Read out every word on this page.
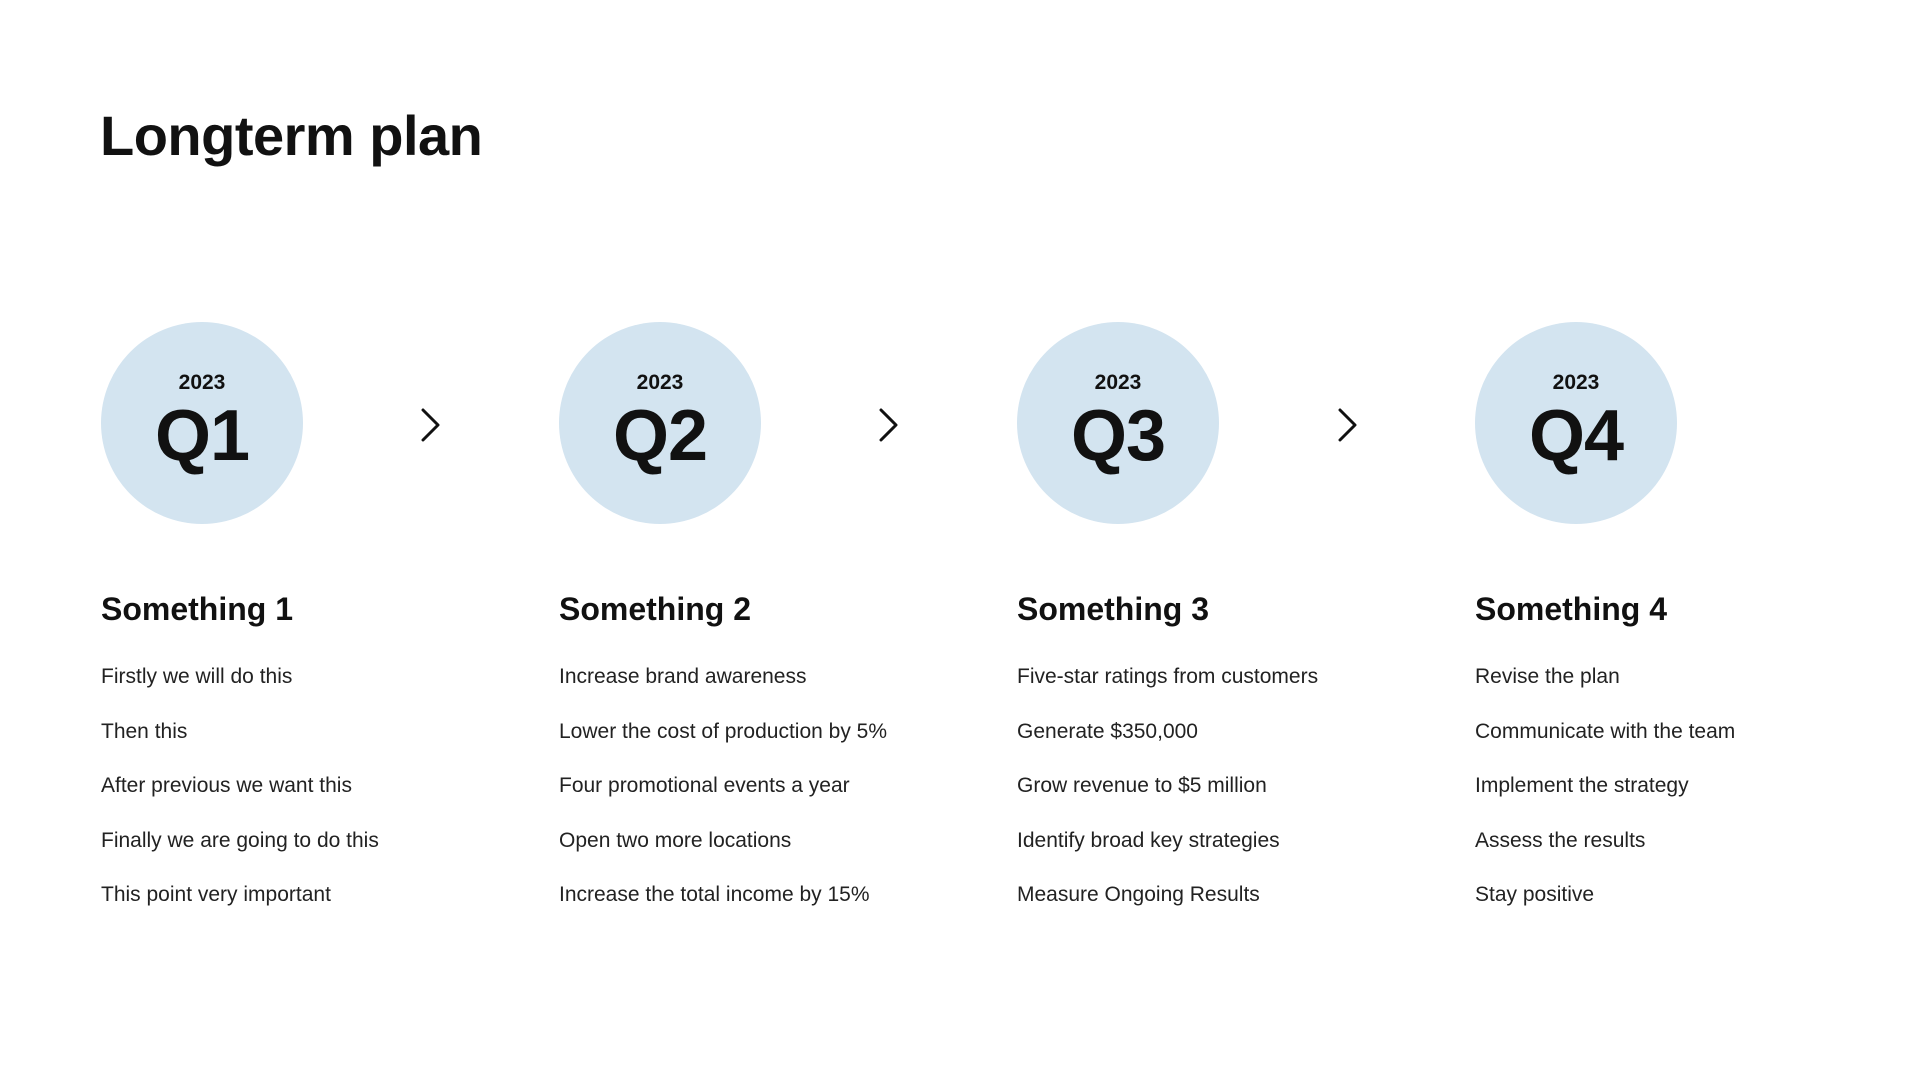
Longterm plan
2023
Q1
Something 1
Firstly we will do this
Then this
After previous we want this
Finally we are going to do this
This point very important
2023
Q2
Something 2
Increase brand awareness
Lower the cost of production by 5%
Four promotional events a year
Open two more locations
Increase the total income by 15%
2023
Q3
Something 3
Five-star ratings from customers
Generate $350,000
Grow revenue to $5 million
Identify broad key strategies
Measure Ongoing Results
2023
Q4
Something 4
Revise the plan
Communicate with the team
Implement the strategy
Assess the results
Stay positive
